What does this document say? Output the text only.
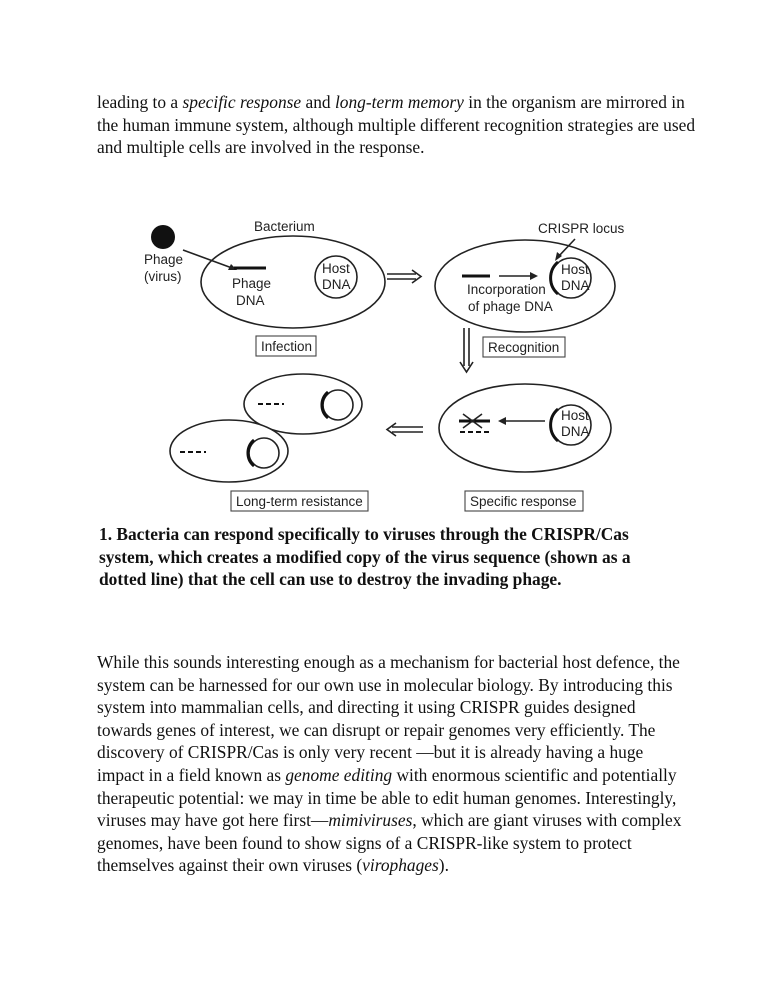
leading to a specific response and long-term memory in the organism are mirrored in the human immune system, although multiple different recognition strategies are used and multiple cells are involved in the response.

Phage
(virus)
Bacterium
Phage
DNA
Host
DNA
Infection
CRISPR locus
Host
DNA
Incorporation
of phage DNA
Recognition
Host
DNA
Specific response
Long-term resistance

1. Bacteria can respond specifically to viruses through the CRISPR/Cas system, which creates a modified copy of the virus sequence (shown as a dotted line) that the cell can use to destroy the invading phage.

While this sounds interesting enough as a mechanism for bacterial host defence, the system can be harnessed for our own use in molecular biology. By introducing this system into mammalian cells, and directing it using CRISPR guides designed towards genes of interest, we can disrupt or repair genomes very efficiently. The discovery of CRISPR/Cas is only very recent —but it is already having a huge impact in a field known as genome editing with enormous scientific and potentially therapeutic potential: we may in time be able to edit human genomes. Interestingly, viruses may have got here first—mimiviruses, which are giant viruses with complex genomes, have been found to show signs of a CRISPR-like system to protect themselves against their own viruses (virophages).
